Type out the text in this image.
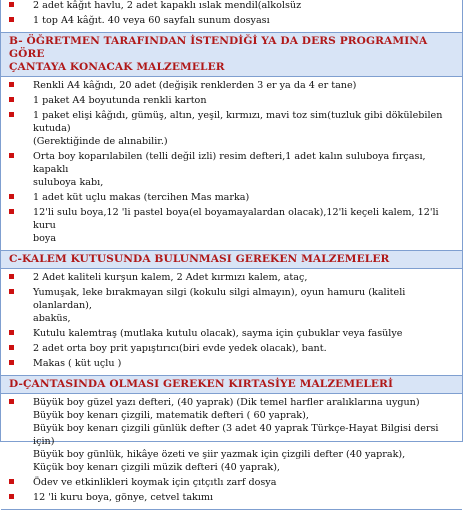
2 adet kâğıt havlu, 2 adet kapaklı ıslak mendil(alkolsüz
1 top A4 kâğıt. 40 veya 60 sayfalı sunum dosyası
B- ÖĞRETMEN TARAFINDAN İSTENDİĞİ YA DA DERS PROGRAMINA GÖRE
ÇANTAYA KONACAK MALZEMELER
Renkli A4 kâğıdı, 20 adet (değişik renklerden 3 er ya da 4 er tane)
1 paket A4 boyutunda renkli karton
1 paket elişi kâğıdı, gümüş, altın, yeşil, kırmızı, mavi toz sim(tuzluk gibi dökülebilen kutuda)
(Gerektiğinde de alınabilir.)
Orta boy koparılabilen (telli değil izli) resim defteri,1 adet kalın suluboya fırçası, kapaklı
suluboya kabı,
1 adet küt uçlu makas (tercihen Mas marka)
12'li sulu boya,12 'li pastel boya(el boyamayalardan olacak),12'li keçeli kalem, 12'li kuru
boya
C-KALEM KUTUSUNDA BULUNMASI GEREKEN MALZEMELER
2 Adet kaliteli kurşun kalem, 2 Adet kırmızı kalem, ataç,
Yumuşak, leke bırakmayan silgi (kokulu silgi almayın), oyun hamuru (kaliteli olanlardan),
abaküs,
Kutulu kalemtraş (mutlaka kutulu olacak), sayma için çubuklar veya fasülye
2 adet orta boy prit yapıştırıcı(biri evde yedek olacak), bant.
Makas ( küt uçlu )
D-ÇANTASINDA OLMASI GEREKEN KIRTASİYE MALZEMELERİ
Büyük boy güzel yazı defteri, (40 yaprak) (Dik temel harfler aralıklarına uygun)
Büyük boy kenarı çizgili, matematik defteri ( 60 yaprak),
Büyük boy kenarı çizgili günlük defter (3 adet 40 yaprak Türkçe-Hayat Bilgisi dersi için)
Büyük boy günlük, hikâye özeti ve şiir yazmak için çizgili defter (40 yaprak),
Küçük boy kenarı çizgili müzik defteri (40 yaprak),
Ödev ve etkinlikleri koymak için çıtçıtlı zarf dosya
12 'li kuru boya, gönye, cetvel takımı
